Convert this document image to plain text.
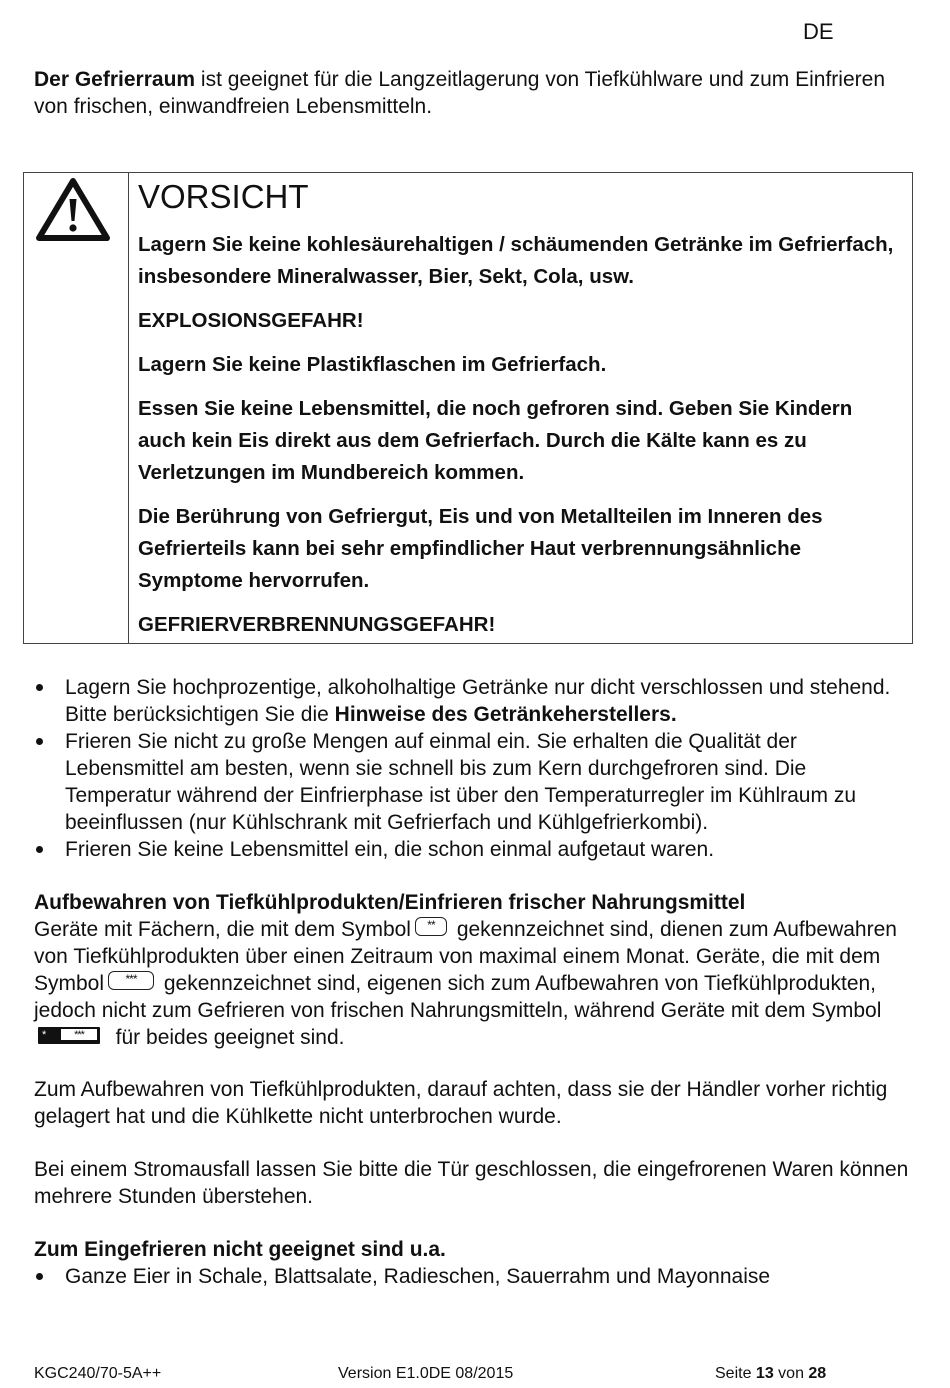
DE
Der Gefrierraum ist geeignet für die Langzeitlagerung von Tiefkühlware und zum Einfrieren von frischen, einwandfreien Lebensmitteln.
VORSICHT

Lagern Sie keine kohlesäurehaltigen / schäumenden Getränke im Gefrierfach, insbesondere Mineralwasser, Bier, Sekt, Cola, usw.

EXPLOSIONSGEFAHR!

Lagern Sie keine Plastikflaschen im Gefrierfach.

Essen Sie keine Lebensmittel, die noch gefroren sind. Geben Sie Kindern auch kein Eis direkt aus dem Gefrierfach. Durch die Kälte kann es zu Verletzungen im Mundbereich kommen.

Die Berührung von Gefriergut, Eis und von Metallteilen im Inneren des Gefrierteils kann bei sehr empfindlicher Haut verbrennungsähnliche Symptome hervorrufen.

GEFRIERVERBRENNUNGSGEFAHR!

Lagern Sie hochprozentige, alkoholhaltige Getränke nur dicht verschlossen und stehend. Bitte berücksichtigen Sie die Hinweise des Getränkeherstellers.
Frieren Sie nicht zu große Mengen auf einmal ein. Sie erhalten die Qualität der Lebensmittel am besten, wenn sie schnell bis zum Kern durchgefroren sind. Die Temperatur während der Einfrierphase ist über den Temperaturregler im Kühlraum zu beeinflussen (nur Kühlschrank mit Gefrierfach und Kühlgefrierkombi).
Frieren Sie keine Lebensmittel ein, die schon einmal aufgetaut waren.
Aufbewahren von Tiefkühlprodukten/Einfrieren frischer Nahrungsmittel
Geräte mit Fächern, die mit dem Symbol ** gekennzeichnet sind, dienen zum Aufbewahren von Tiefkühlprodukten über einen Zeitraum von maximal einem Monat. Geräte, die mit dem Symbol *** gekennzeichnet sind, eigenen sich zum Aufbewahren von Tiefkühlprodukten, jedoch nicht zum Gefrieren von frischen Nahrungsmitteln, während Geräte mit dem Symbol
*	***	für beides geeignet sind.
Zum Aufbewahren von Tiefkühlprodukten, darauf achten, dass sie der Händler vorher richtig gelagert hat und die Kühlkette nicht unterbrochen wurde.
Bei einem Stromausfall lassen Sie bitte die Tür geschlossen, die eingefrorenen Waren können mehrere Stunden überstehen.
Zum Eingefrieren nicht geeignet sind u.a.
Ganze Eier in Schale, Blattsalate, Radieschen, Sauerrahm und Mayonnaise
KGC240/70-5A++	Version E1.0DE 08/2015	Seite 13 von 28
